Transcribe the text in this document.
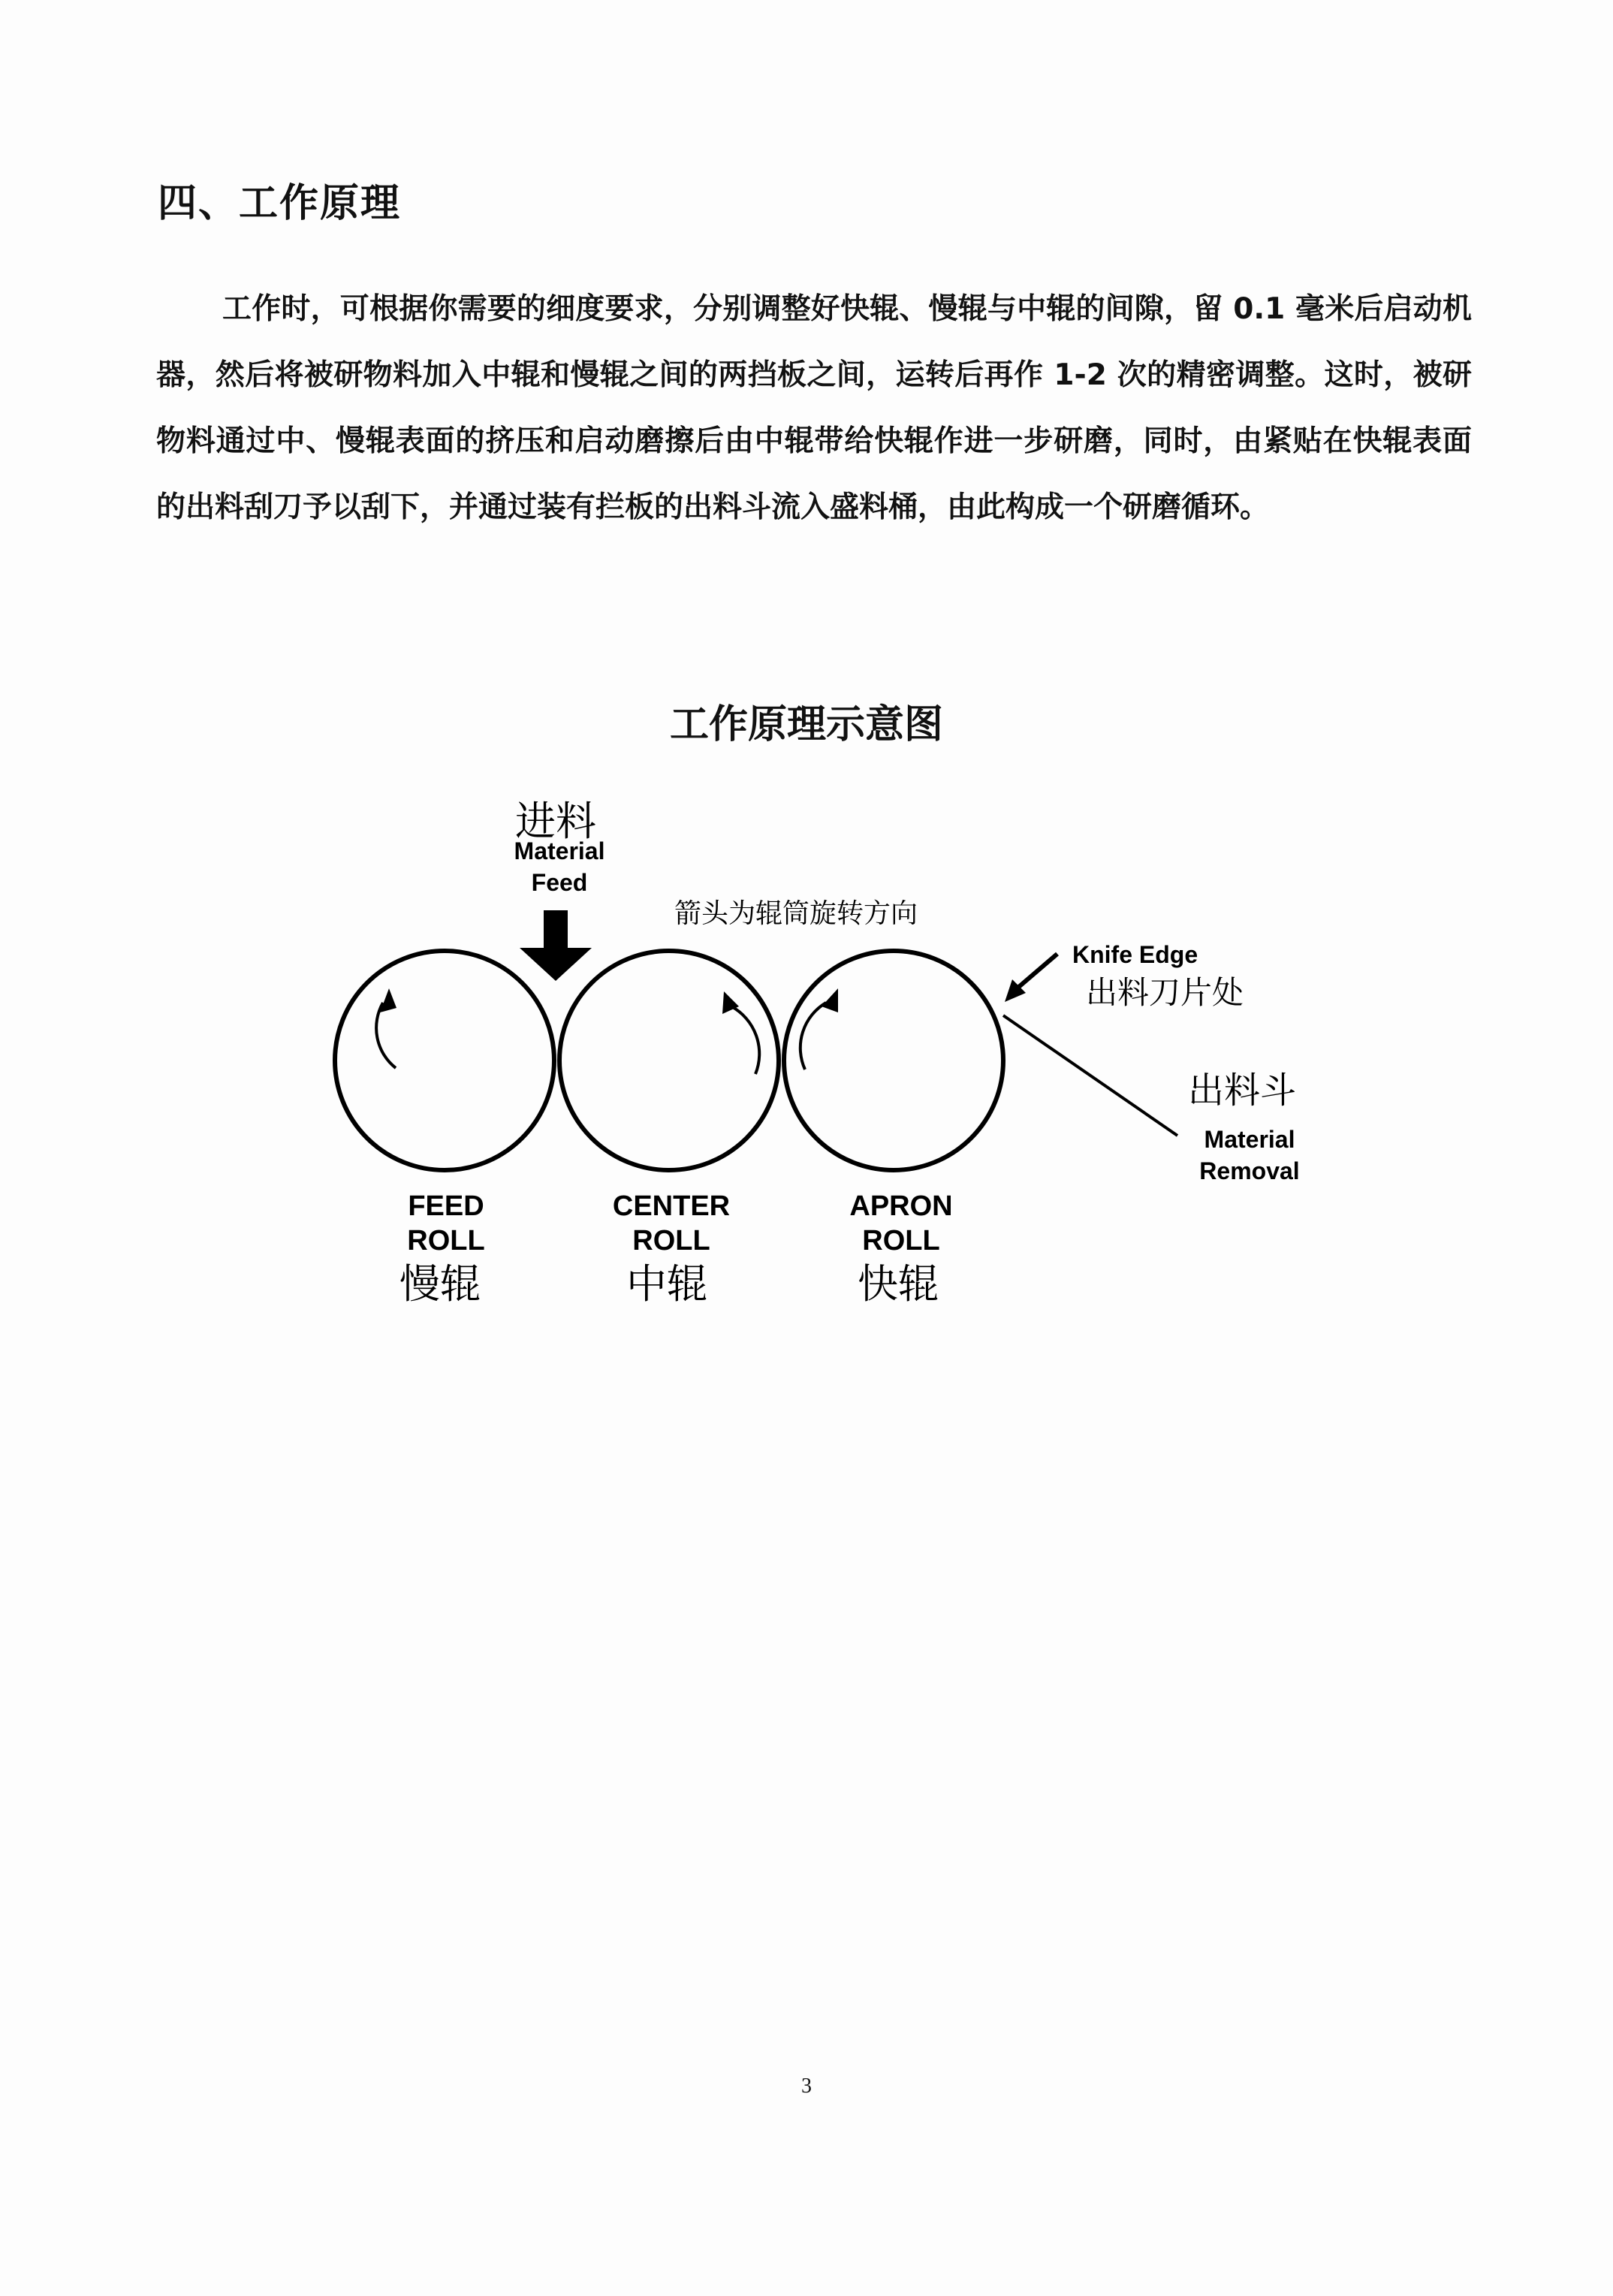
四、工作原理

工作时，可根据你需要的细度要求，分别调整好快辊、慢辊与中辊的间隙，留 0.1 毫米后启动机器，然后将被研物料加入中辊和慢辊之间的两挡板之间，运转后再作 1-2 次的精密调整。这时，被研物料通过中、慢辊表面的挤压和启动磨擦后由中辊带给快辊作进一步研磨，同时，由紧贴在快辊表面的出料刮刀予以刮下，并通过装有拦板的出料斗流入盛料桶，由此构成一个研磨循环。

工作原理示意图
进料
Material
Feed
箭头为辊筒旋转方向
Knife Edge
出料刀片处
出料斗
Material
Removal
FEED
ROLL
慢辊
CENTER
ROLL
中辊
APRON
ROLL
快辊
3
